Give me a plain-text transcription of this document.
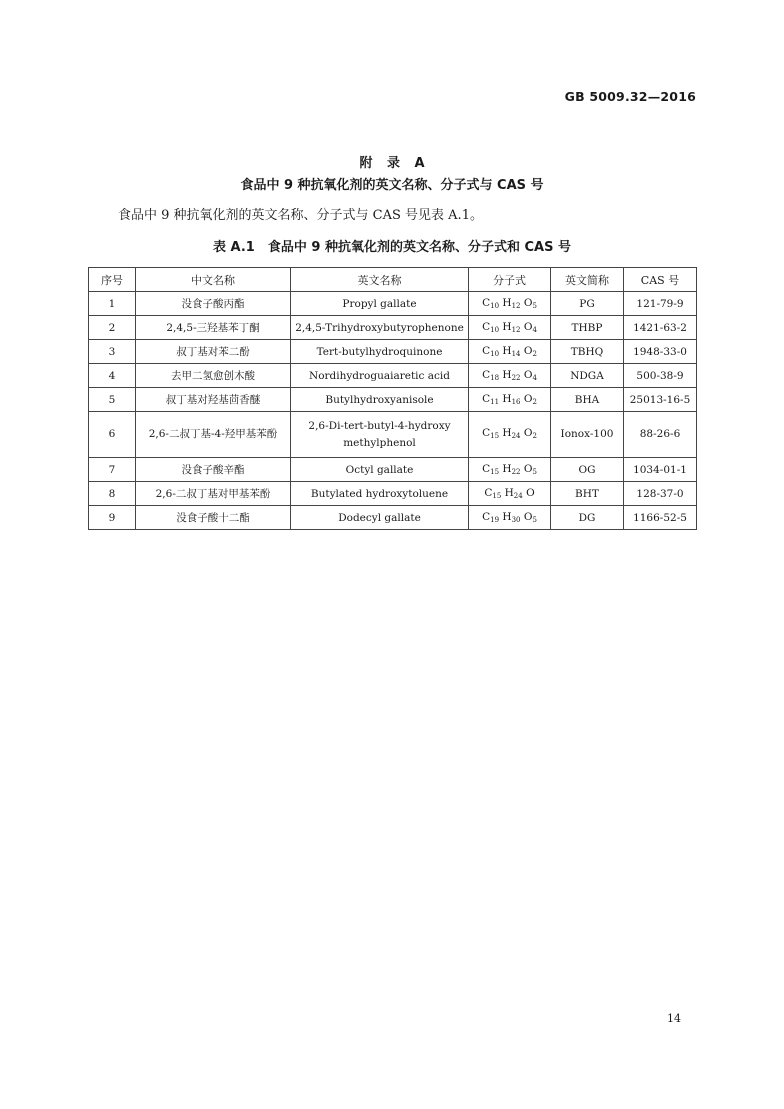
GB 5009.32—2016
附 录 A
食品中 9 种抗氧化剂的英文名称、分子式与 CAS 号
食品中 9 种抗氧化剂的英文名称、分子式与 CAS 号见表 A.1。
表 A.1　食品中 9 种抗氧化剂的英文名称、分子式和 CAS 号
序号	中文名称	英文名称	分子式	英文简称	CAS 号
1	没食子酸丙酯	Propyl gallate	$C_{10}$ $H_{12}$ $O_5$	PG	121-79-9
2	2,4,5-三羟基苯丁酮	2,4,5-Trihydroxybutyrophenone	$C_{10}$ $H_{12}$ $O_4$	THBP	1421-63-2
3	叔丁基对苯二酚	Tert-butylhydroquinone	$C_{10}$ $H_{14}$ $O_2$	TBHQ	1948-33-0
4	去甲二氢愈创木酸	Nordihydroguaiaretic acid	$C_{18}$ $H_{22}$ $O_4$	NDGA	500-38-9
5	叔丁基对羟基茴香醚	Butylhydroxyanisole	$C_{11}$ $H_{16}$ $O_2$	BHA	25013-16-5
6	2,6-二叔丁基-4-羟甲基苯酚	2,6-Di-tert-butyl-4-hydroxy
methylphenol	$C_{15}$ $H_{24}$ $O_2$	Ionox-100	88-26-6
7	没食子酸辛酯	Octyl gallate	$C_{15}$ $H_{22}$ $O_5$	OG	1034-01-1
8	2,6-二叔丁基对甲基苯酚	Butylated hydroxytoluene	$C_{15}$ $H_{24}$ O	BHT	128-37-0
9	没食子酸十二酯	Dodecyl gallate	$C_{19}$ $H_{30}$ $O_5$	DG	1166-52-5
14
